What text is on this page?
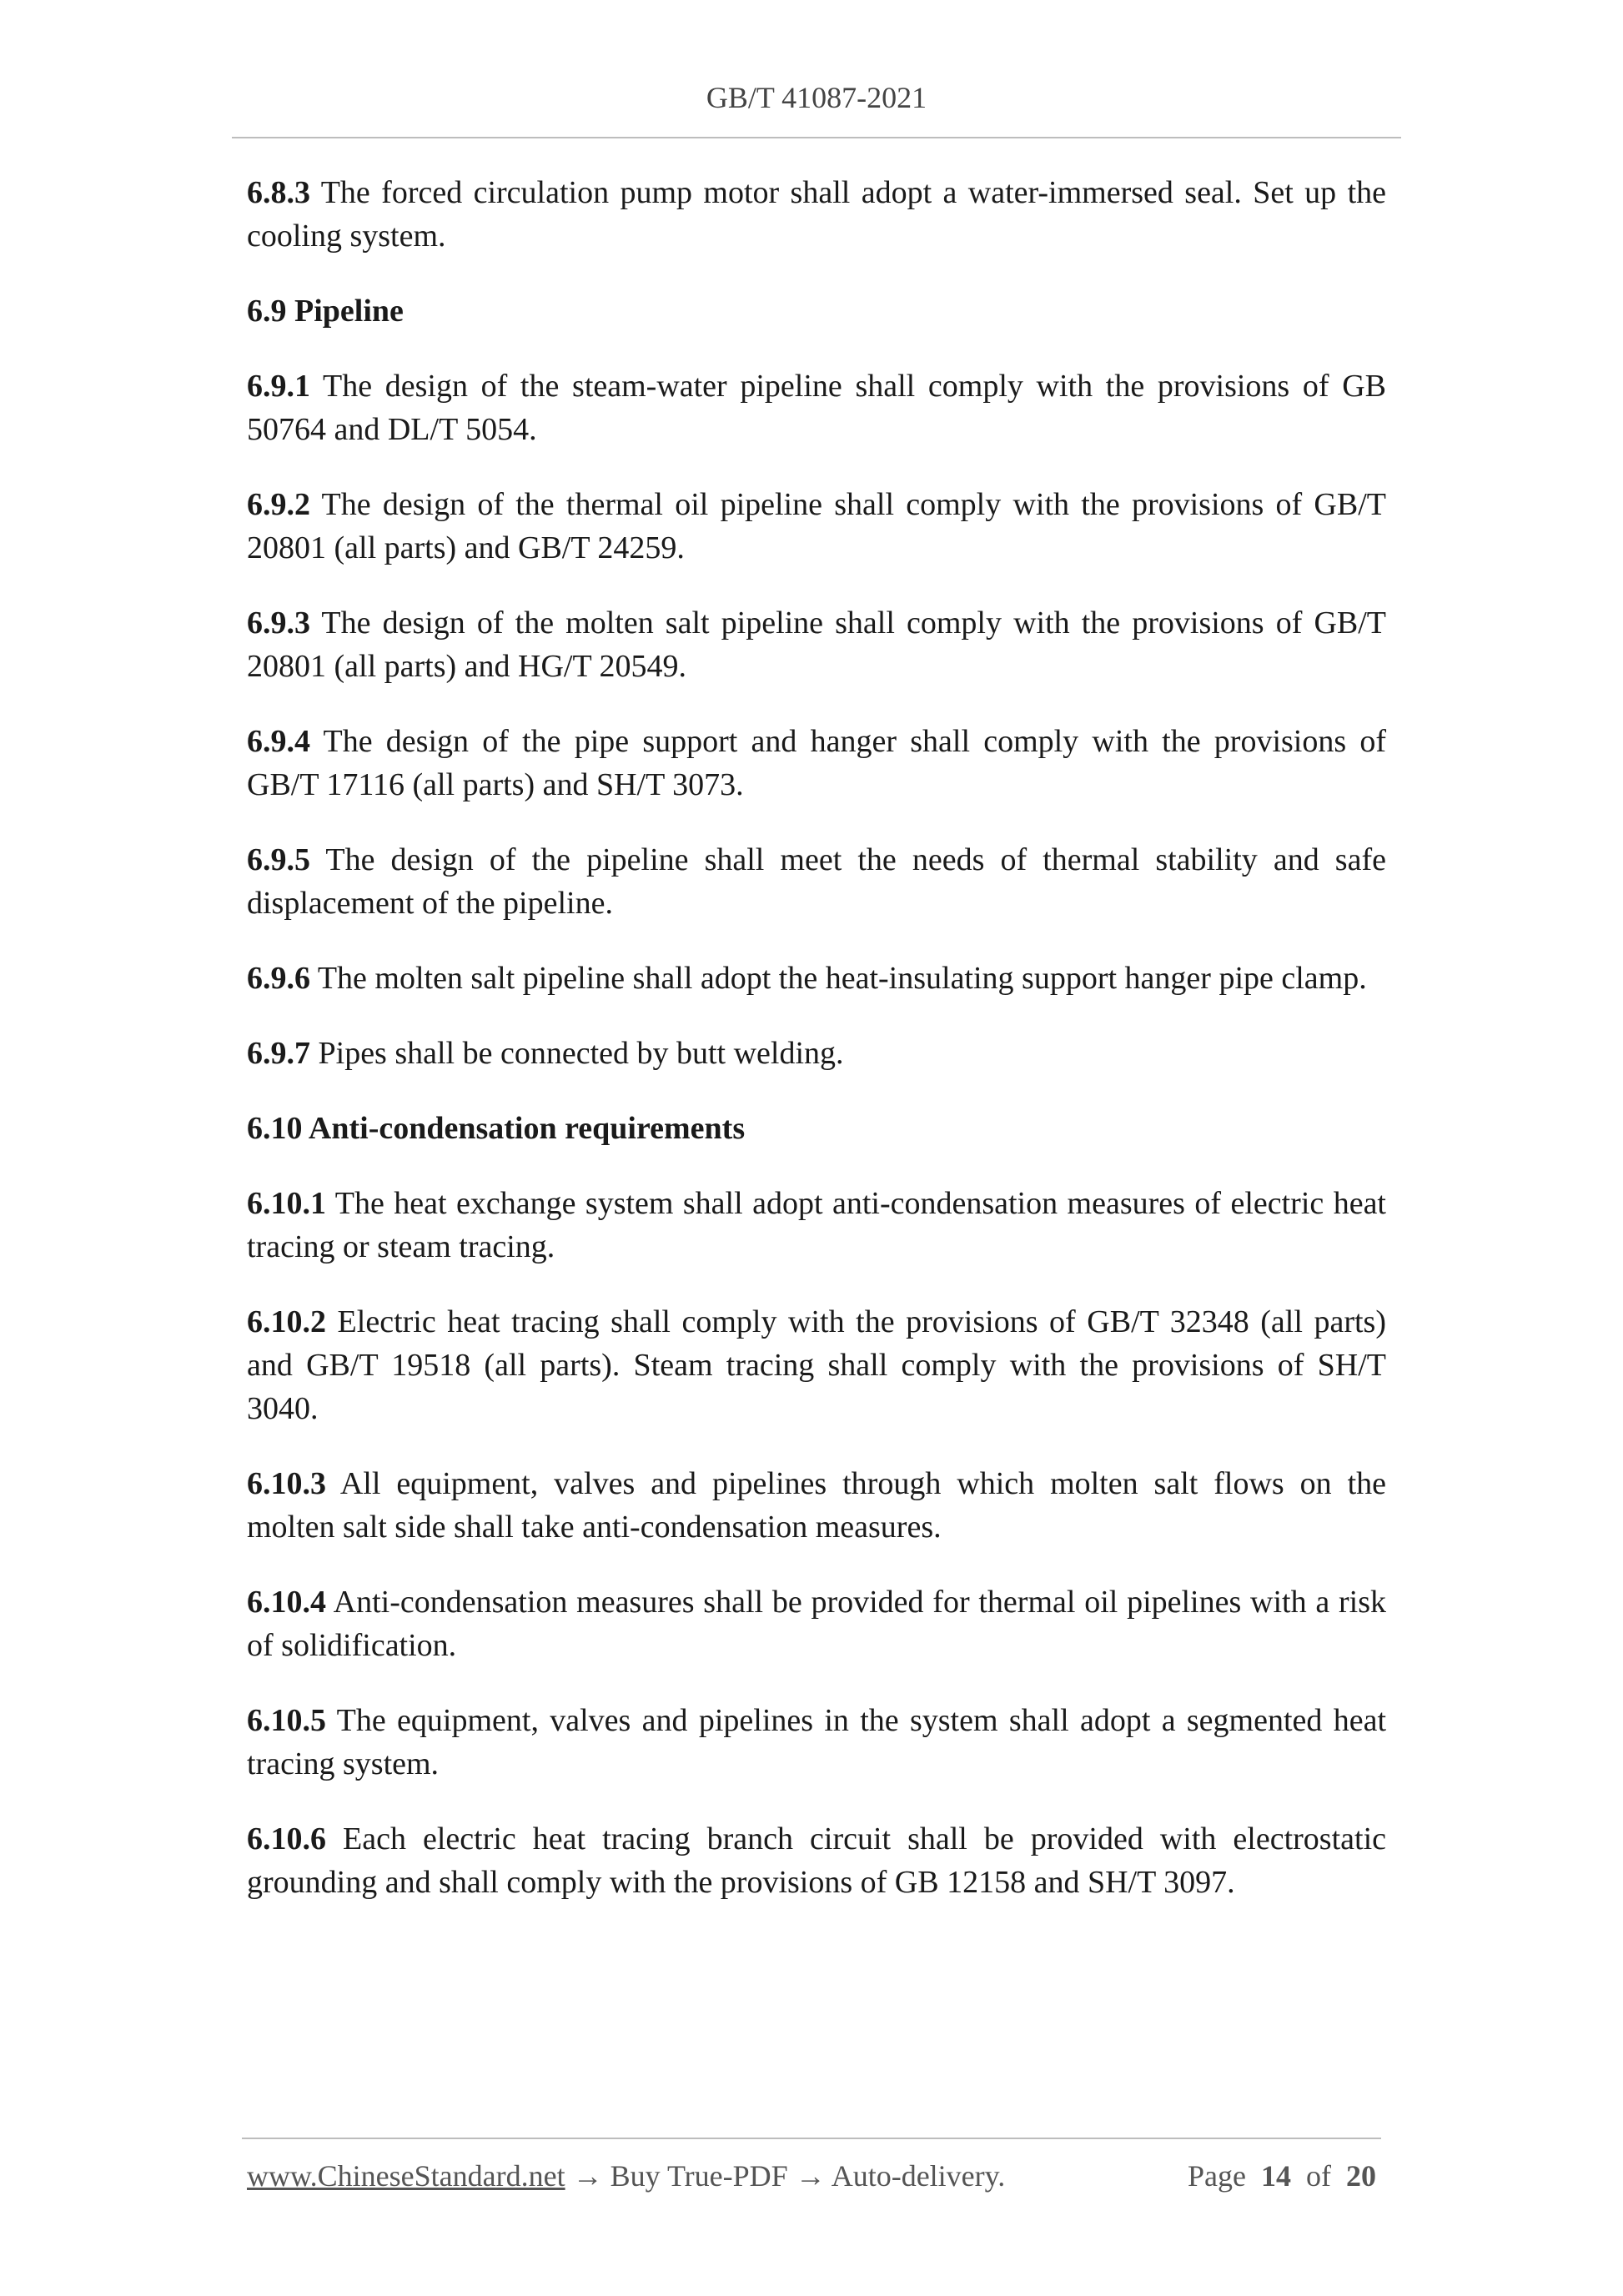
GB/T 41087-2021

6.8.3 The forced circulation pump motor shall adopt a water-immersed seal. Set up the cooling system.

6.9 Pipeline

6.9.1 The design of the steam-water pipeline shall comply with the provisions of GB 50764 and DL/T 5054.

6.9.2 The design of the thermal oil pipeline shall comply with the provisions of GB/T 20801 (all parts) and GB/T 24259.

6.9.3 The design of the molten salt pipeline shall comply with the provisions of GB/T 20801 (all parts) and HG/T 20549.

6.9.4 The design of the pipe support and hanger shall comply with the provisions of GB/T 17116 (all parts) and SH/T 3073.

6.9.5 The design of the pipeline shall meet the needs of thermal stability and safe displacement of the pipeline.

6.9.6 The molten salt pipeline shall adopt the heat-insulating support hanger pipe clamp.

6.9.7 Pipes shall be connected by butt welding.

6.10 Anti-condensation requirements

6.10.1 The heat exchange system shall adopt anti-condensation measures of electric heat tracing or steam tracing.

6.10.2 Electric heat tracing shall comply with the provisions of GB/T 32348 (all parts) and GB/T 19518 (all parts). Steam tracing shall comply with the provisions of SH/T 3040.

6.10.3 All equipment, valves and pipelines through which molten salt flows on the molten salt side shall take anti-condensation measures.

6.10.4 Anti-condensation measures shall be provided for thermal oil pipelines with a risk of solidification.

6.10.5 The equipment, valves and pipelines in the system shall adopt a segmented heat tracing system.

6.10.6 Each electric heat tracing branch circuit shall be provided with electrostatic grounding and shall comply with the provisions of GB 12158 and SH/T 3097.

www.ChineseStandard.net → Buy True-PDF → Auto-delivery.	Page 14 of 20
